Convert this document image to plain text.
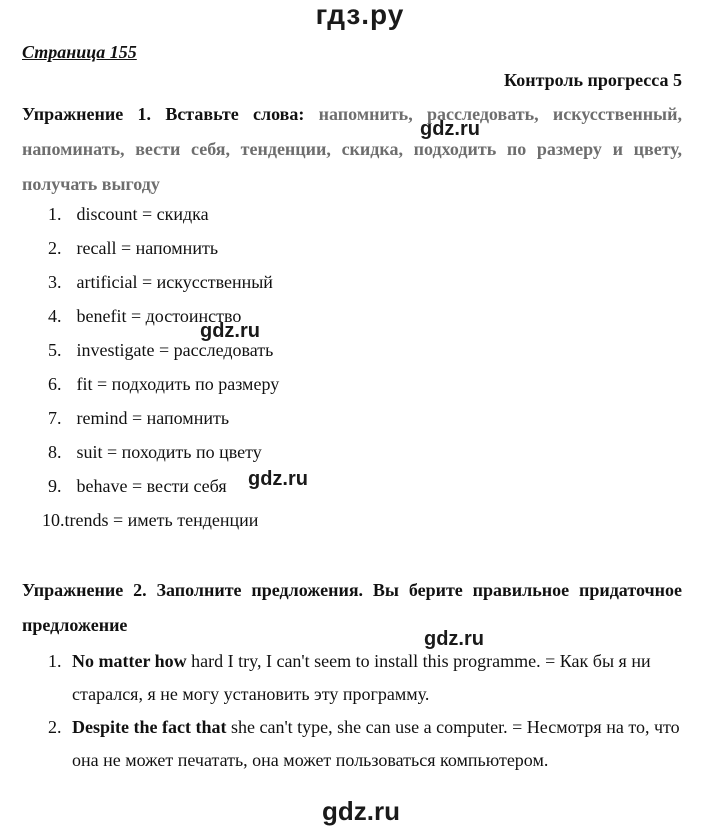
гдз.ру
Страница 155
Контроль прогресса 5
Упражнение 1. Вставьте слова: напомнить, расследовать, искусственный, напоминать, вести себя, тенденции, скидка, подходить по размеру и цвету, получать выгоду
1. discount = скидка
2. recall = напомнить
3. artificial = искусственный
4. benefit = достоинство
5. investigate = расследовать
6. fit = подходить по размеру
7. remind = напомнить
8. suit = походить по цвету
9. behave = вести себя
10.trends = иметь тенденции
Упражнение 2. Заполните предложения. Вы берите правильное придаточное предложение
1. No matter how hard I try, I can't seem to install this programme. = Как бы я ни старался, я не могу установить эту программу.
2. Despite the fact that she can't type, she can use a computer. = Несмотря на то, что она не может печатать, она может пользоваться компьютером.
gdz.ru
gdz.ru
gdz.ru
gdz.ru
gdz.ru
